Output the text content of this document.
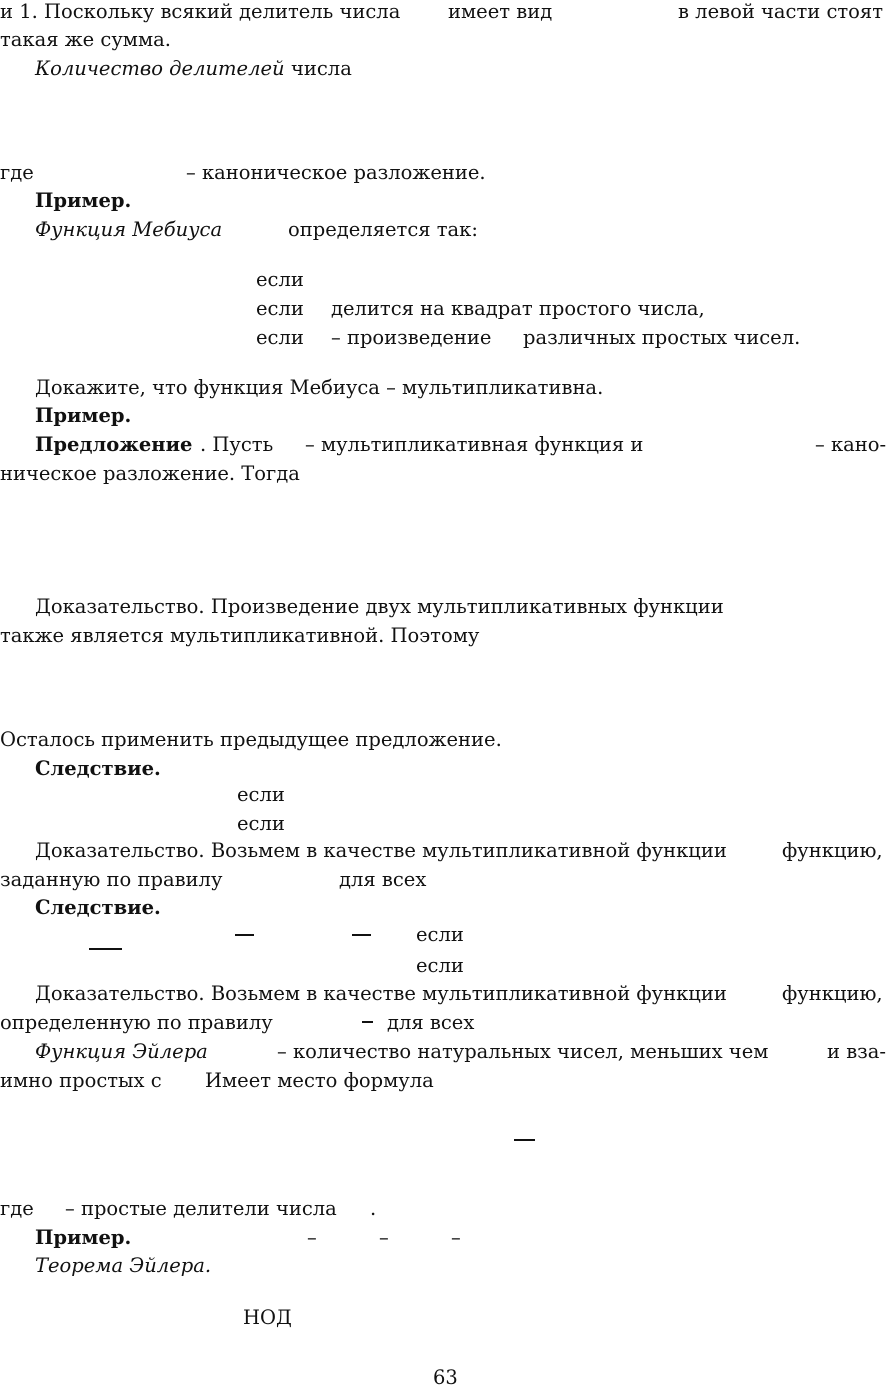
и 1. Поскольку всякий делитель числа имеет вид	в левой части стоят
такая же сумма.
Количество делителей числа
где	– каноническое разложение.
Пример.
Функция Мебиуса	определяется так:
если
если делится на квадрат простого числа,
если – произведение различных простых чисел.
Докажите, что функция Мебиуса – мультипликативна.
Пример.
Предложение . Пусть – мультипликативная функция и	– кано-
ническое разложение. Тогда
Доказательство. Произведение двух мультипликативных функции
также является мультипликативной. Поэтому
Осталось применить предыдущее предложение.
Следствие.
если
если
Доказательство. Возьмем в качестве мультипликативной функции	функцию,
заданную по правилу	для всех
Следствие.
если
если
Доказательство. Возьмем в качестве мультипликативной функции	функцию,
определенную по правилу	для всех
Функция Эйлера	– количество натуральных чисел, меньших чем	и вза-
имно простых с Имеет место формула
где – простые делители числа .
Пример.	–	–	–
Теорема Эйлера.
НОД
63
